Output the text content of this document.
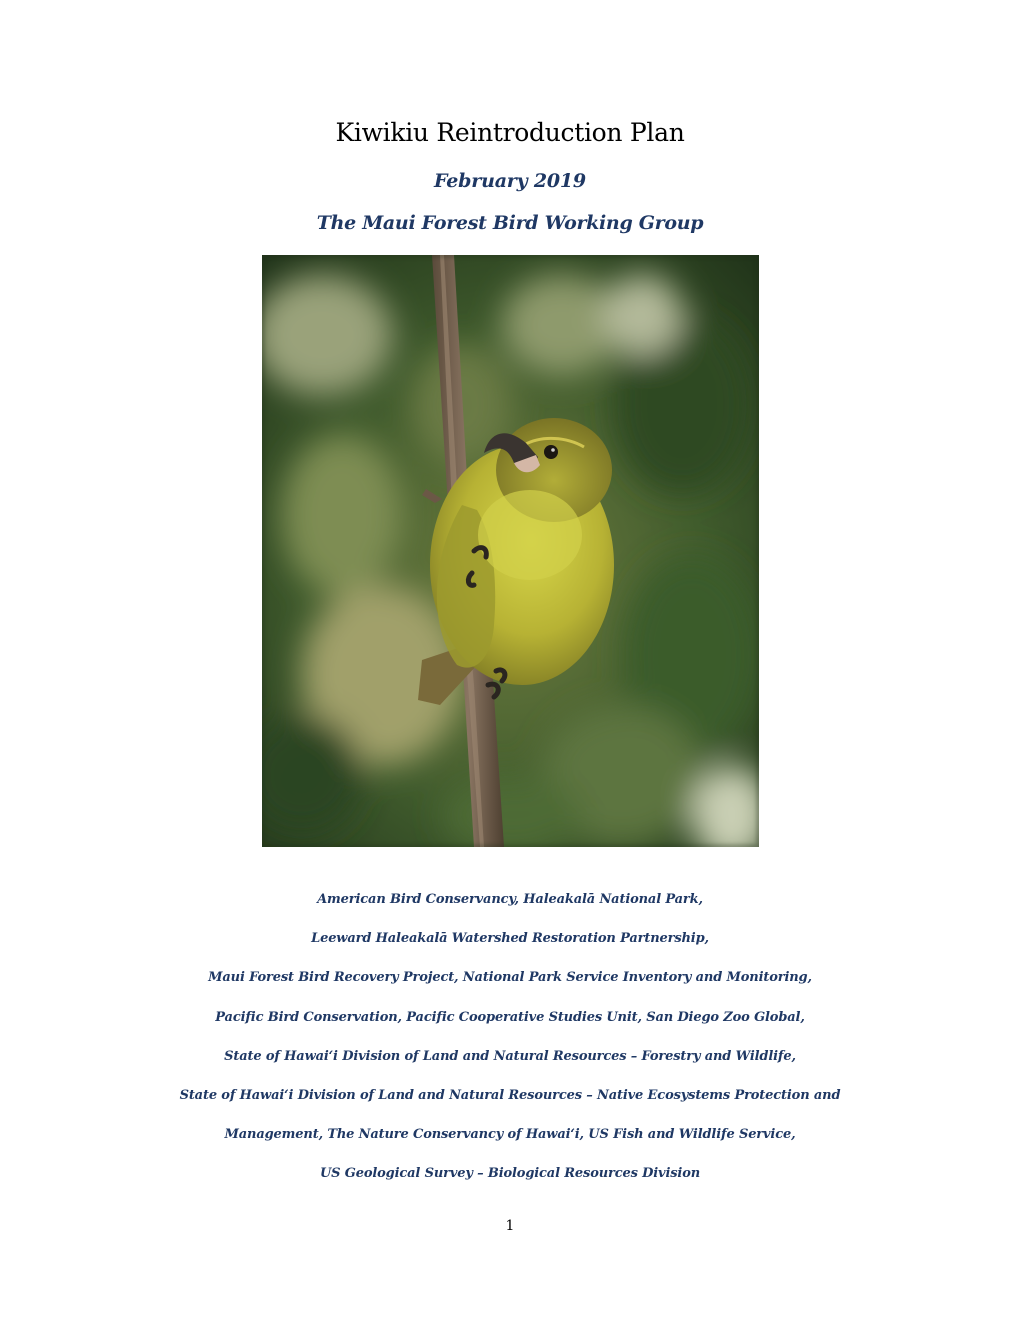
Kiwikiu Reintroduction Plan
February 2019
The Maui Forest Bird Working Group
American Bird Conservancy, Haleakalā National Park,
Leeward Haleakalā Watershed Restoration Partnership,
Maui Forest Bird Recovery Project, National Park Service Inventory and Monitoring,
Pacific Bird Conservation, Pacific Cooperative Studies Unit, San Diego Zoo Global,
State of Hawai‘i Division of Land and Natural Resources – Forestry and Wildlife,
State of Hawai‘i Division of Land and Natural Resources – Native Ecosystems Protection and
Management, The Nature Conservancy of Hawai‘i, US Fish and Wildlife Service,
US Geological Survey – Biological Resources Division
1
